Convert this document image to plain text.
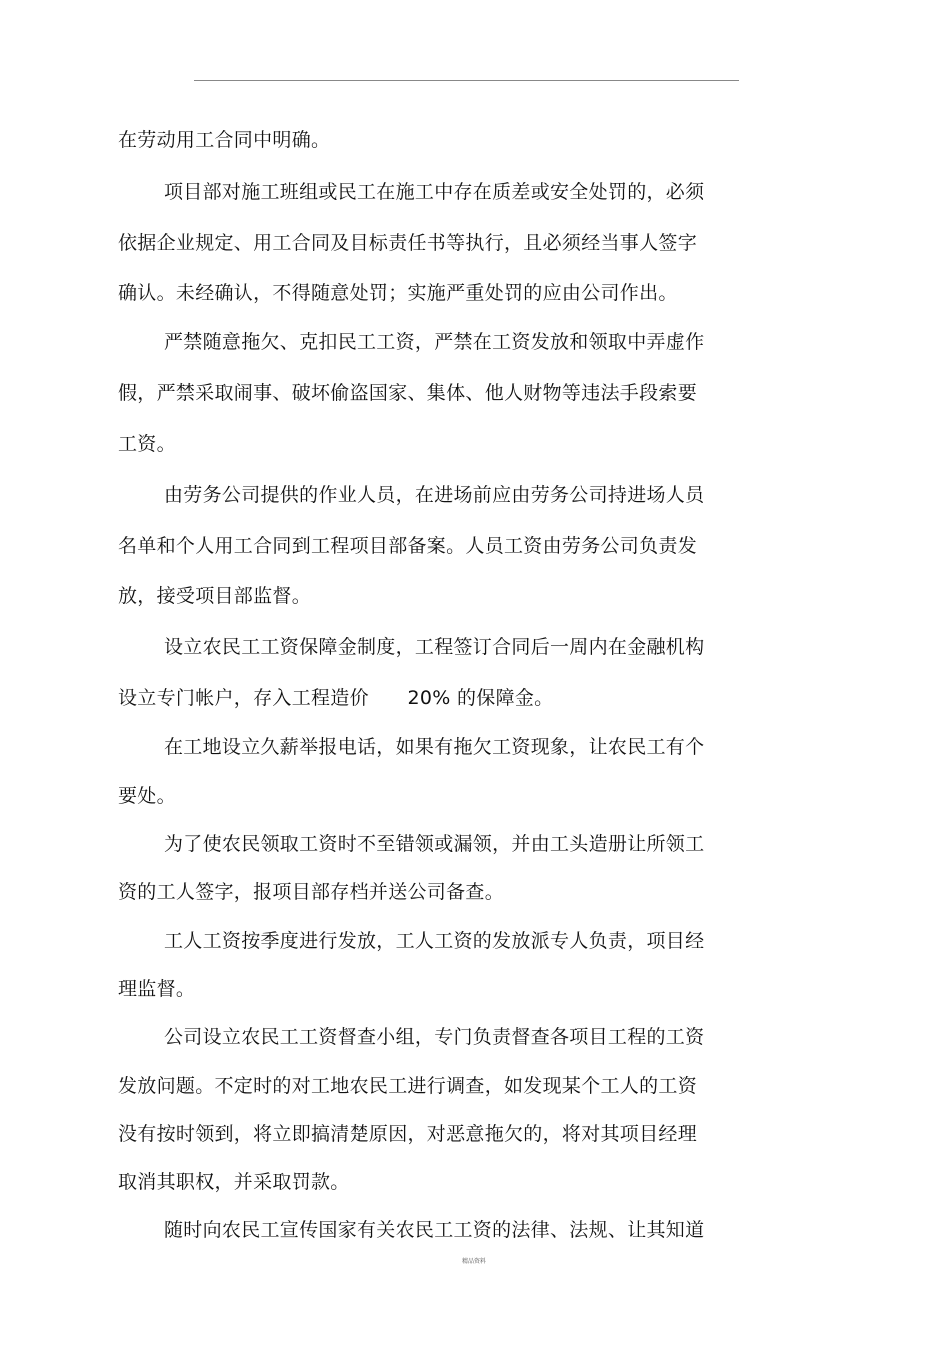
在劳动用工合同中明确。
项目部对施工班组或民工在施工中存在质差或安全处罚的，必须
依据企业规定、用工合同及目标责任书等执行，且必须经当事人签字
确认。未经确认，不得随意处罚；实施严重处罚的应由公司作出。
严禁随意拖欠、克扣民工工资，严禁在工资发放和领取中弄虚作
假，严禁采取闹事、破坏偷盗国家、集体、他人财物等违法手段索要
工资。
由劳务公司提供的作业人员，在进场前应由劳务公司持进场人员
名单和个人用工合同到工程项目部备案。人员工资由劳务公司负责发
放，接受项目部监督。
设立农民工工资保障金制度，工程签订合同后一周内在金融机构
设立专门帐户，存入工程造价　　20% 的保障金。
在工地设立久薪举报电话，如果有拖欠工资现象，让农民工有个
要处。
为了使农民领取工资时不至错领或漏领，并由工头造册让所领工
资的工人签字，报项目部存档并送公司备查。
工人工资按季度进行发放，工人工资的发放派专人负责，项目经
理监督。
公司设立农民工工资督查小组，专门负责督查各项目工程的工资
发放问题。不定时的对工地农民工进行调查，如发现某个工人的工资
没有按时领到，将立即搞清楚原因，对恶意拖欠的，将对其项目经理
取消其职权，并采取罚款。
随时向农民工宣传国家有关农民工工资的法律、法规、让其知道
精品资料
